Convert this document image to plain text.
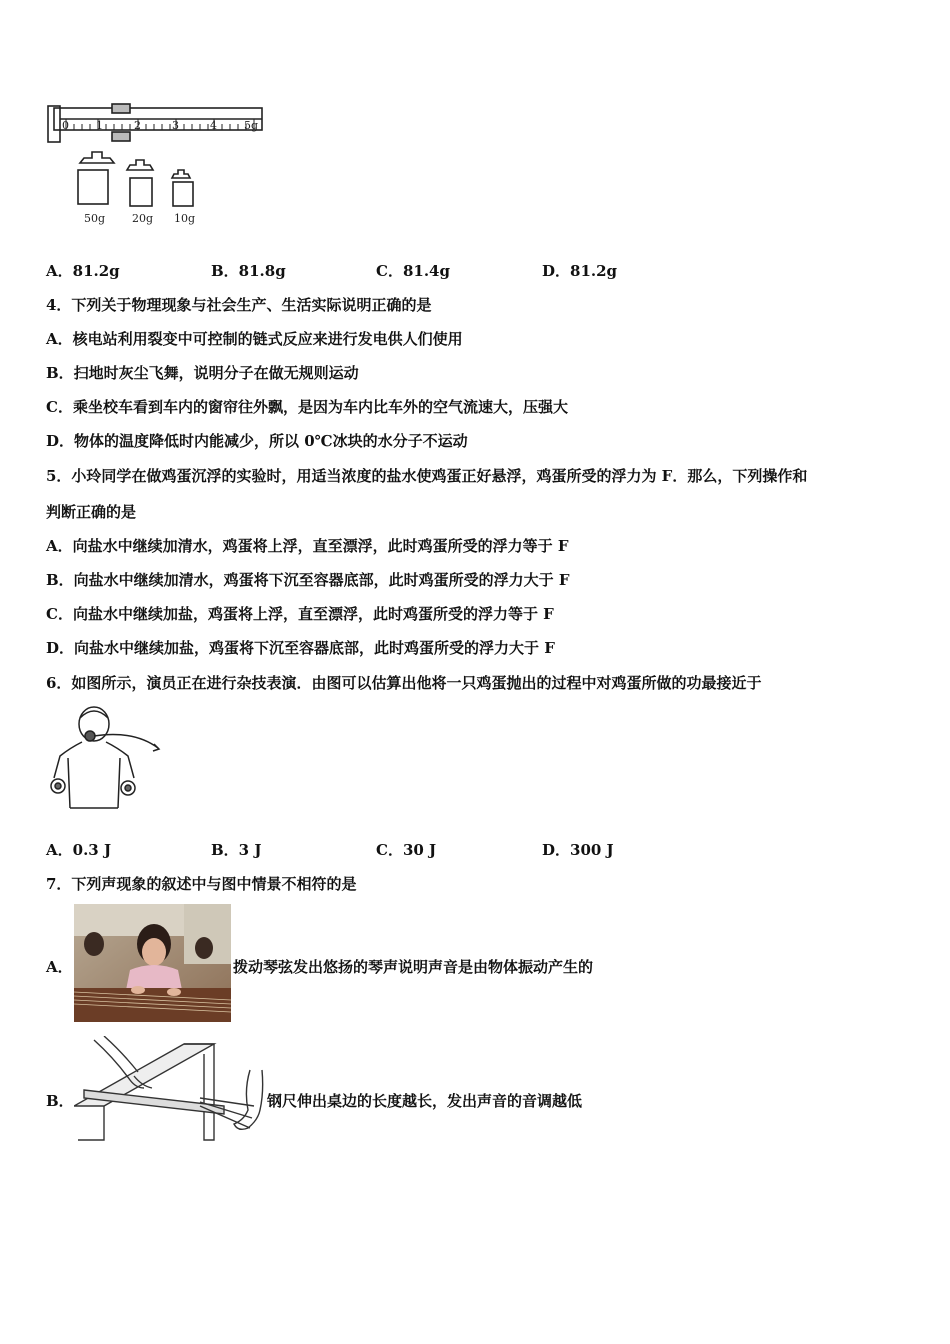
0 1	2	3	4 5g
50g 20g 10g
A．81.2g	B．81.8g	C．81.4g	D．81.2g
4．下列关于物理现象与社会生产、生活实际说明正确的是
A．核电站利用裂变中可控制的链式反应来进行发电供人们使用
B．扫地时灰尘飞舞，说明分子在做无规则运动
C．乘坐校车看到车内的窗帘往外飘，是因为车内比车外的空气流速大，压强大
D．物体的温度降低时内能减少，所以 0℃冰块的水分子不运动
5．小玲同学在做鸡蛋沉浮的实验时，用适当浓度的盐水使鸡蛋正好悬浮，鸡蛋所受的浮力为 F．那么，下列操作和
判断正确的是
A．向盐水中继续加清水，鸡蛋将上浮，直至漂浮，此时鸡蛋所受的浮力等于 F
B．向盐水中继续加清水，鸡蛋将下沉至容器底部，此时鸡蛋所受的浮力大于 F
C．向盐水中继续加盐，鸡蛋将上浮，直至漂浮，此时鸡蛋所受的浮力等于 F
D．向盐水中继续加盐，鸡蛋将下沉至容器底部，此时鸡蛋所受的浮力大于 F
6．如图所示，演员正在进行杂技表演．由图可以估算出他将一只鸡蛋抛出的过程中对鸡蛋所做的功最接近于
A．0.3 J	B．3 J	C．30 J	D．300 J
7．下列声现象的叙述中与图中情景不相符的是
A．	拨动琴弦发出悠扬的琴声说明声音是由物体振动产生的
B．	钢尺伸出桌边的长度越长，发出声音的音调越低
